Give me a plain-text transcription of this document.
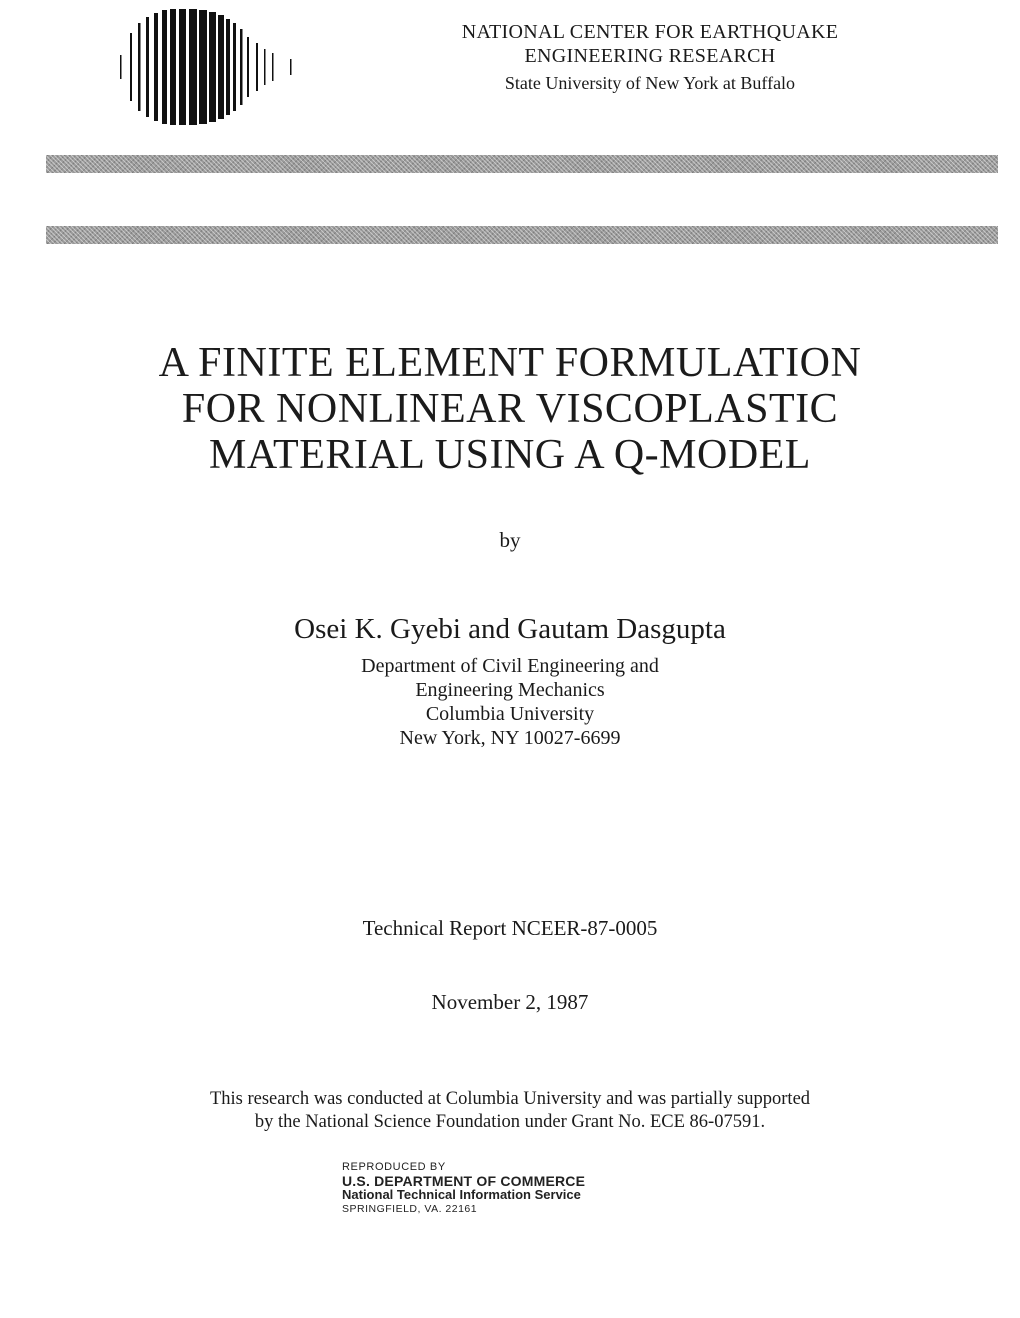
NATIONAL CENTER FOR EARTHQUAKE
ENGINEERING RESEARCH
State University of New York at Buffalo
A FINITE ELEMENT FORMULATION
FOR NONLINEAR VISCOPLASTIC
MATERIAL USING A Q-MODEL
by
Osei K. Gyebi and Gautam Dasgupta
Department of Civil Engineering and
Engineering Mechanics
Columbia University
New York, NY 10027-6699
Technical Report NCEER-87-0005
November 2, 1987
This research was conducted at Columbia University and was partially supported
by the National Science Foundation under Grant No. ECE 86-07591.
REPRODUCED BY
U.S. DEPARTMENT OF COMMERCE
National Technical Information Service
SPRINGFIELD, VA. 22161
